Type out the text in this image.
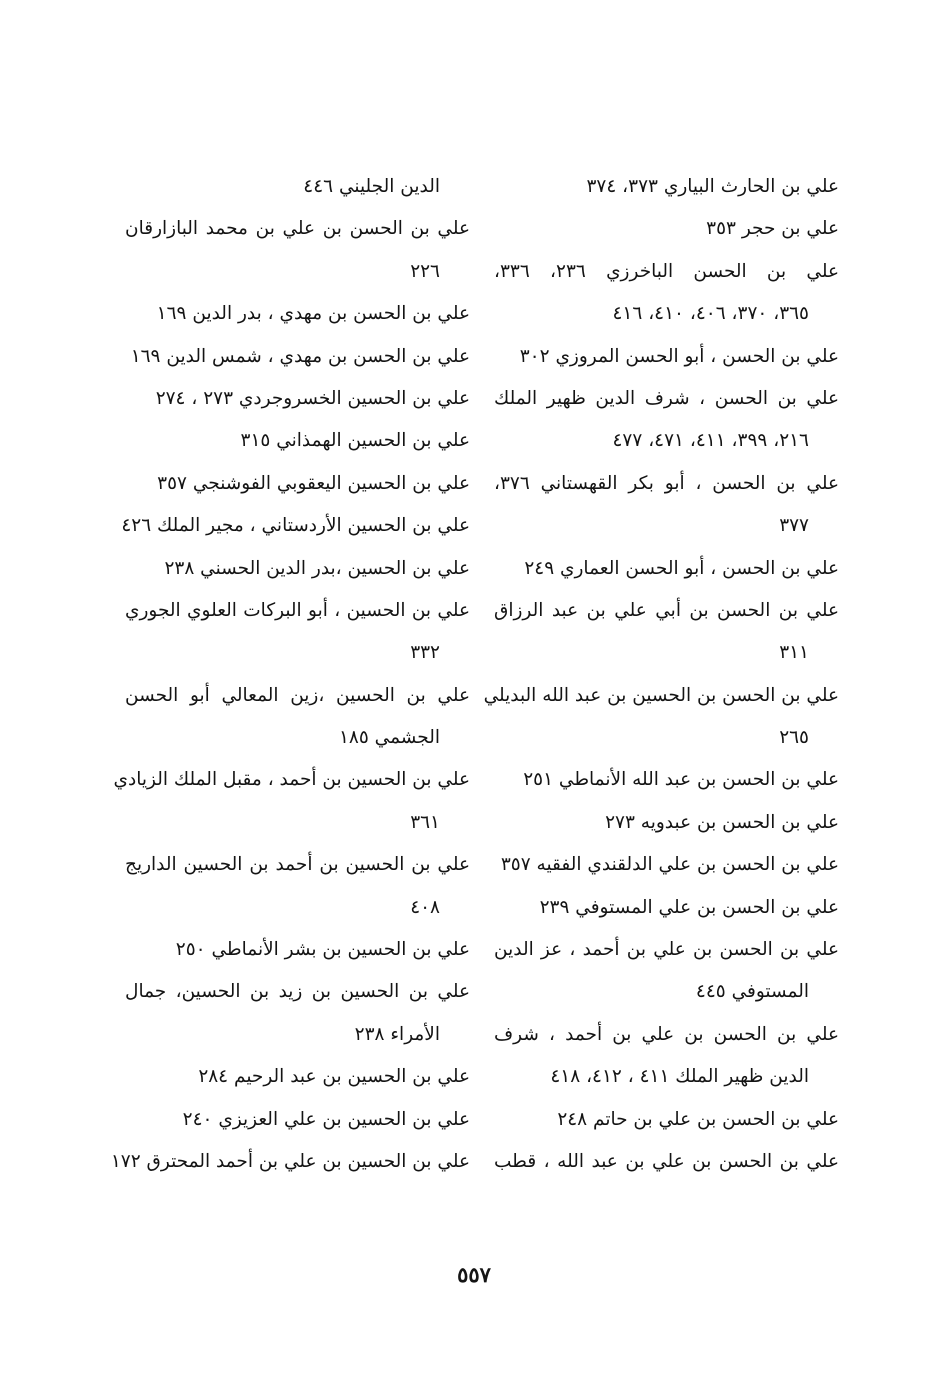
علي بن الحارث البياري ٣٧٣، ٣٧٤
علي بن حجر ٣٥٣
علي بن الحسن الباخرزي ٢٣٦، ٣٣٦،
٣٦٥، ٣٧٠، ٤٠٦، ٤١٠، ٤١٦
علي بن الحسن ، أبو الحسن المروزي ٣٠٢
علي بن الحسن ، شرف الدين ظهير الملك
٢١٦، ٣٩٩، ٤١١، ٤٧١، ٤٧٧
علي بن الحسن ، أبو بكر القهستاني ٣٧٦،
٣٧٧
علي بن الحسن ، أبو الحسن العماري ٢٤٩
علي بن الحسن بن أبي علي بن عبد الرزاق
٣١١
علي بن الحسن بن الحسين بن عبد الله البديلي
٢٦٥
علي بن الحسن بن عبد الله الأنماطي ٢٥١
علي بن الحسن بن عبدويه ٢٧٣
علي بن الحسن بن علي الدلقندي الفقيه ٣٥٧
علي بن الحسن بن علي المستوفي ٢٣٩
علي بن الحسن بن علي بن أحمد ، عز الدين
المستوفي ٤٤٥
علي بن الحسن بن علي بن أحمد ، شرف
الدين ظهير الملك ٤١١ ، ٤١٢، ٤١٨
علي بن الحسن بن علي بن حاتم ٢٤٨
علي بن الحسن بن علي بن عبد الله ، قطب
الدين الجليني ٤٤٦
علي بن الحسن بن علي بن محمد البازارقان
٢٢٦
علي بن الحسن بن مهدي ، بدر الدين ١٦٩
علي بن الحسن بن مهدي ، شمس الدين ١٦٩
علي بن الحسين الخسروجردي ٢٧٣ ، ٢٧٤
علي بن الحسين الهمذاني ٣١٥
علي بن الحسين اليعقوبي الفوشنجي ٣٥٧
علي بن الحسين الأردستاني ، مجير الملك ٤٢٦
علي بن الحسين ،بدر الدين الحسني ٢٣٨
علي بن الحسين ، أبو البركات العلوي الجوري
٣٣٢
علي بن الحسين ،زين المعالي أبو الحسن
الجشمي ١٨٥
علي بن الحسين بن أحمد ، مقبل الملك الزيادي
٣٦١
علي بن الحسين بن أحمد بن الحسين الداريج
٤٠٨
علي بن الحسين بن بشر الأنماطي ٢٥٠
علي بن الحسين بن زيد بن الحسين، جمال
الأمراء ٢٣٨
علي بن الحسين بن عبد الرحيم ٢٨٤
علي بن الحسين بن علي العزيزي ٢٤٠
علي بن الحسين بن علي بن أحمد المحترق ١٧٢
٥٥٧
